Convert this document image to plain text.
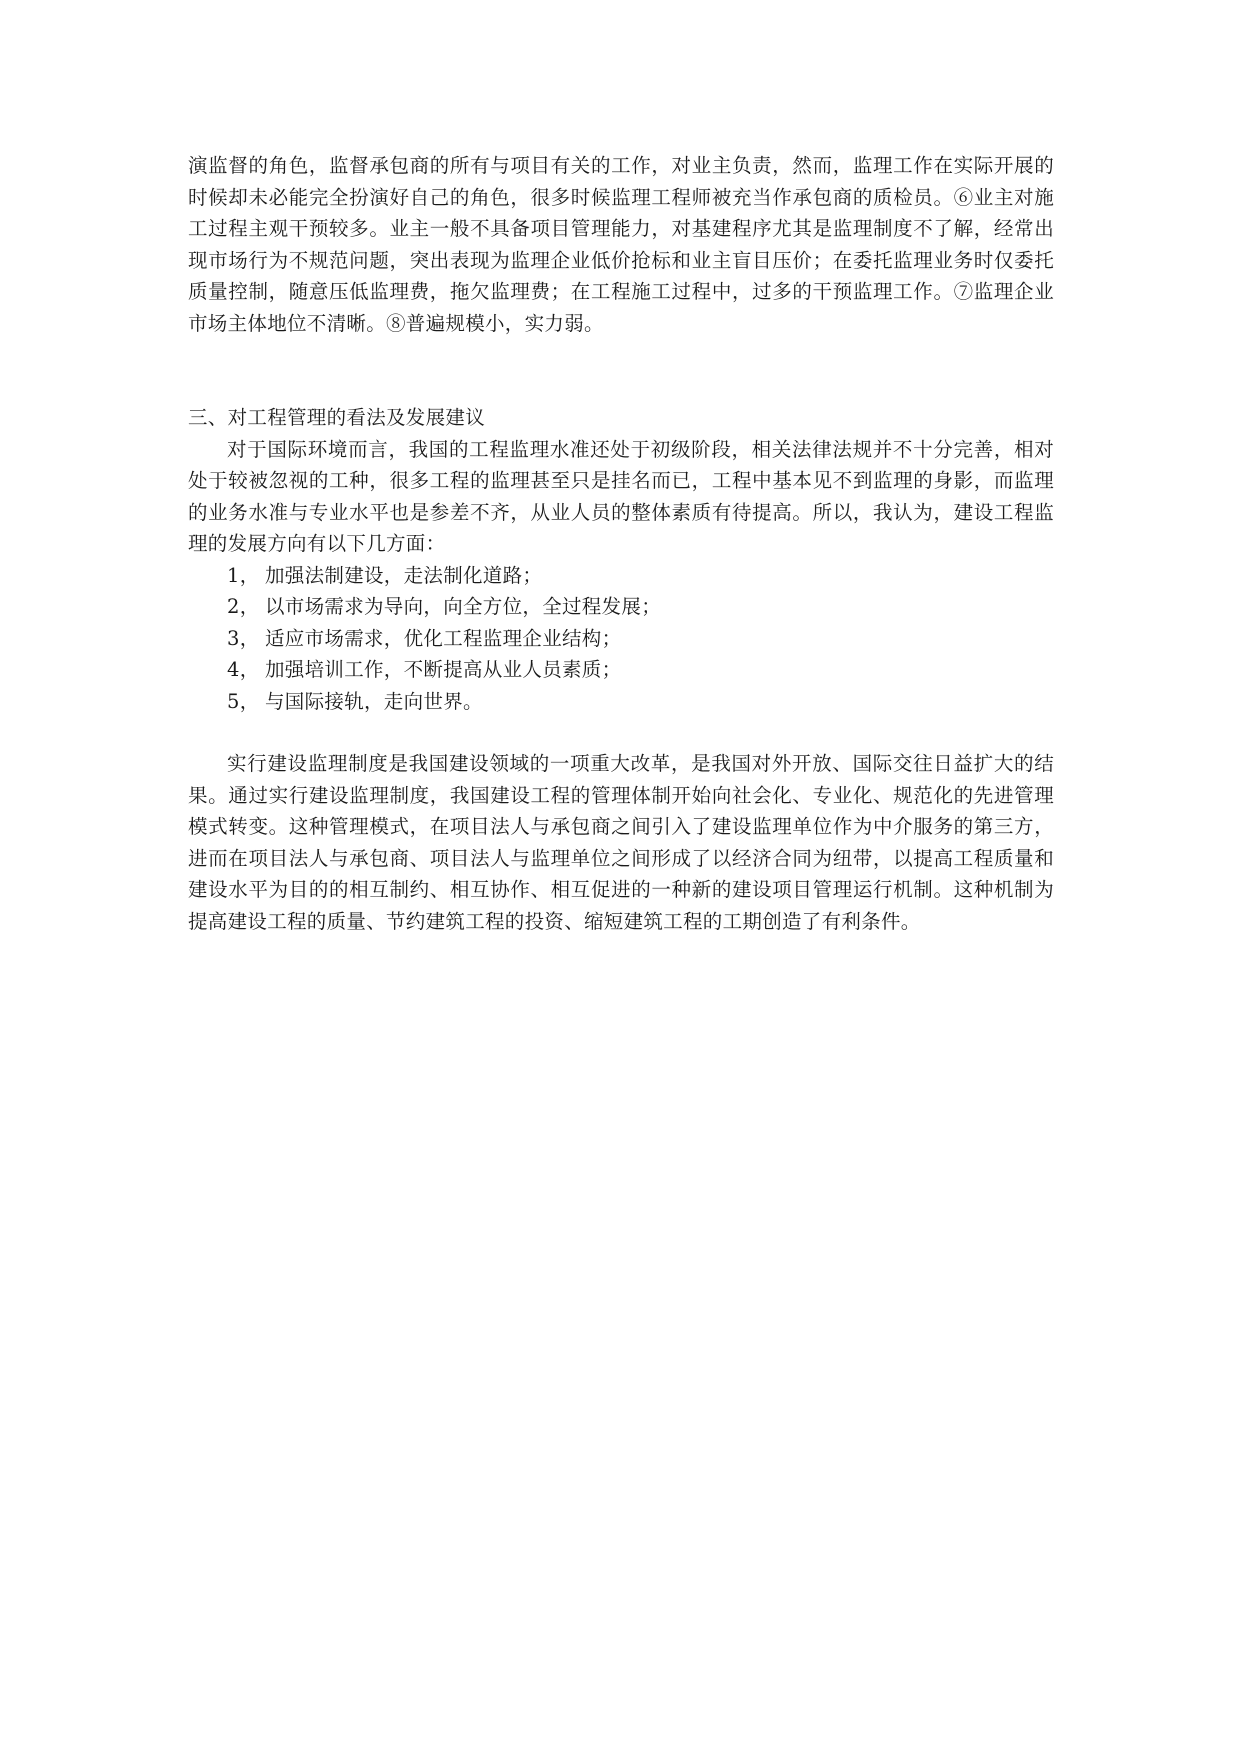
演监督的角色，监督承包商的所有与项目有关的工作，对业主负责，然而，监理工作在实际开展的时候却未必能完全扮演好自己的角色，很多时候监理工程师被充当作承包商的质检员。⑥业主对施工过程主观干预较多。业主一般不具备项目管理能力，对基建程序尤其是监理制度不了解，经常出现市场行为不规范问题，突出表现为监理企业低价抢标和业主盲目压价；在委托监理业务时仅委托质量控制，随意压低监理费，拖欠监理费；在工程施工过程中，过多的干预监理工作。⑦监理企业市场主体地位不清晰。⑧普遍规模小，实力弱。

三、对工程管理的看法及发展建议

对于国际环境而言，我国的工程监理水准还处于初级阶段，相关法律法规并不十分完善，相对处于较被忽视的工种，很多工程的监理甚至只是挂名而已，工程中基本见不到监理的身影，而监理的业务水准与专业水平也是参差不齐，从业人员的整体素质有待提高。所以，我认为，建设工程监理的发展方向有以下几方面：

1， 加强法制建设，走法制化道路；
2， 以市场需求为导向，向全方位，全过程发展；
3， 适应市场需求，优化工程监理企业结构；
4， 加强培训工作，不断提高从业人员素质；
5， 与国际接轨，走向世界。

实行建设监理制度是我国建设领域的一项重大改革，是我国对外开放、国际交往日益扩大的结果。通过实行建设监理制度，我国建设工程的管理体制开始向社会化、专业化、规范化的先进管理模式转变。这种管理模式，在项目法人与承包商之间引入了建设监理单位作为中介服务的第三方，进而在项目法人与承包商、项目法人与监理单位之间形成了以经济合同为纽带，以提高工程质量和建设水平为目的的相互制约、相互协作、相互促进的一种新的建设项目管理运行机制。这种机制为提高建设工程的质量、节约建筑工程的投资、缩短建筑工程的工期创造了有利条件。
